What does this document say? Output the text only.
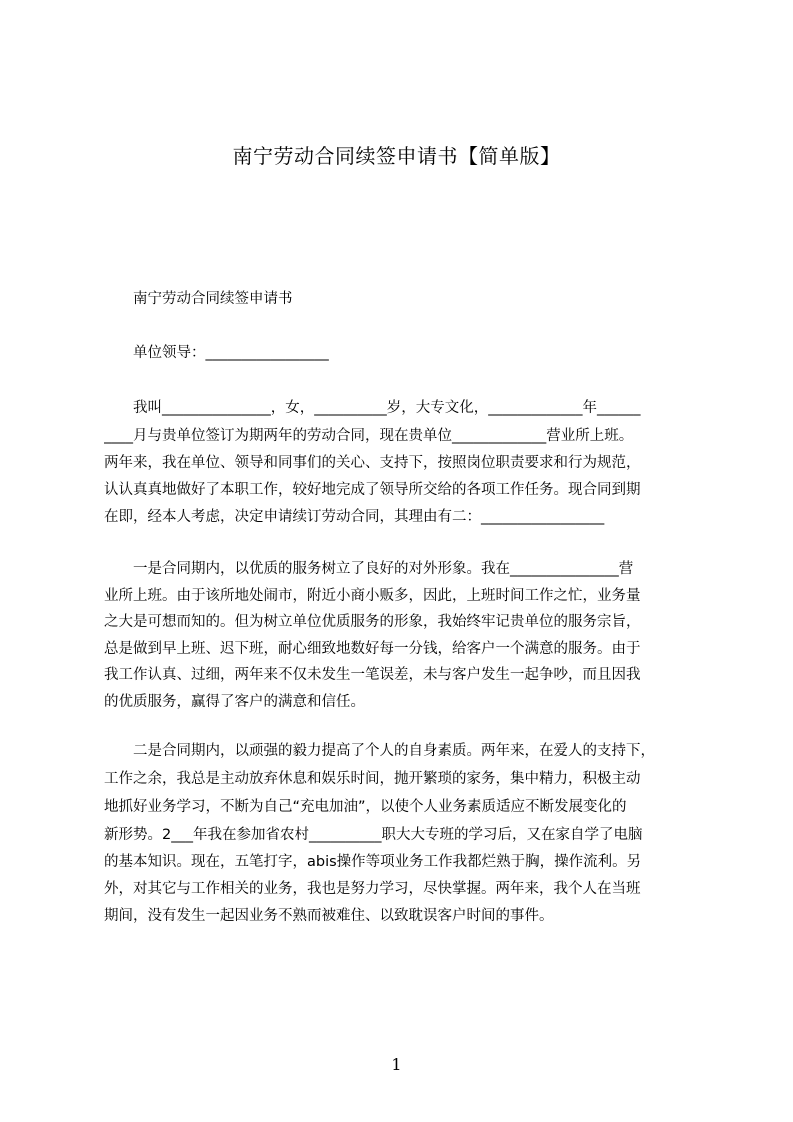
南宁劳动合同续签申请书【简单版】
　　南宁劳动合同续签申请书
　　单位领导：_________________
　　我叫_______________，女，__________岁，大专文化，_____________年______
____月与贵单位签订为期两年的劳动合同，现在贵单位_____________营业所上班。
两年来，我在单位、领导和同事们的关心、支持下，按照岗位职责要求和行为规范，
认认真真地做好了本职工作，较好地完成了领导所交给的各项工作任务。现合同到期
在即，经本人考虑，决定申请续订劳动合同，其理由有二：_________________
　　一是合同期内，以优质的服务树立了良好的对外形象。我在_______________营
业所上班。由于该所地处闹市，附近小商小贩多，因此，上班时间工作之忙，业务量
之大是可想而知的。但为树立单位优质服务的形象，我始终牢记贵单位的服务宗旨，
总是做到早上班、迟下班，耐心细致地数好每一分钱，给客户一个满意的服务。由于
我工作认真、过细，两年来不仅未发生一笔误差，未与客户发生一起争吵，而且因我
的优质服务，赢得了客户的满意和信任。
　　二是合同期内，以顽强的毅力提高了个人的自身素质。两年来，在爱人的支持下，
工作之余，我总是主动放弃休息和娱乐时间，抛开繁琐的家务，集中精力，积极主动
地抓好业务学习，不断为自己“充电加油”，以使个人业务素质适应不断发展变化的
新形势。2___年我在参加省农村__________职大大专班的学习后，又在家自学了电脑
的基本知识。现在，五笔打字，abis操作等项业务工作我都烂熟于胸，操作流利。另
外，对其它与工作相关的业务，我也是努力学习，尽快掌握。两年来，我个人在当班
期间，没有发生一起因业务不熟而被难住、以致耽误客户时间的事件。
1
